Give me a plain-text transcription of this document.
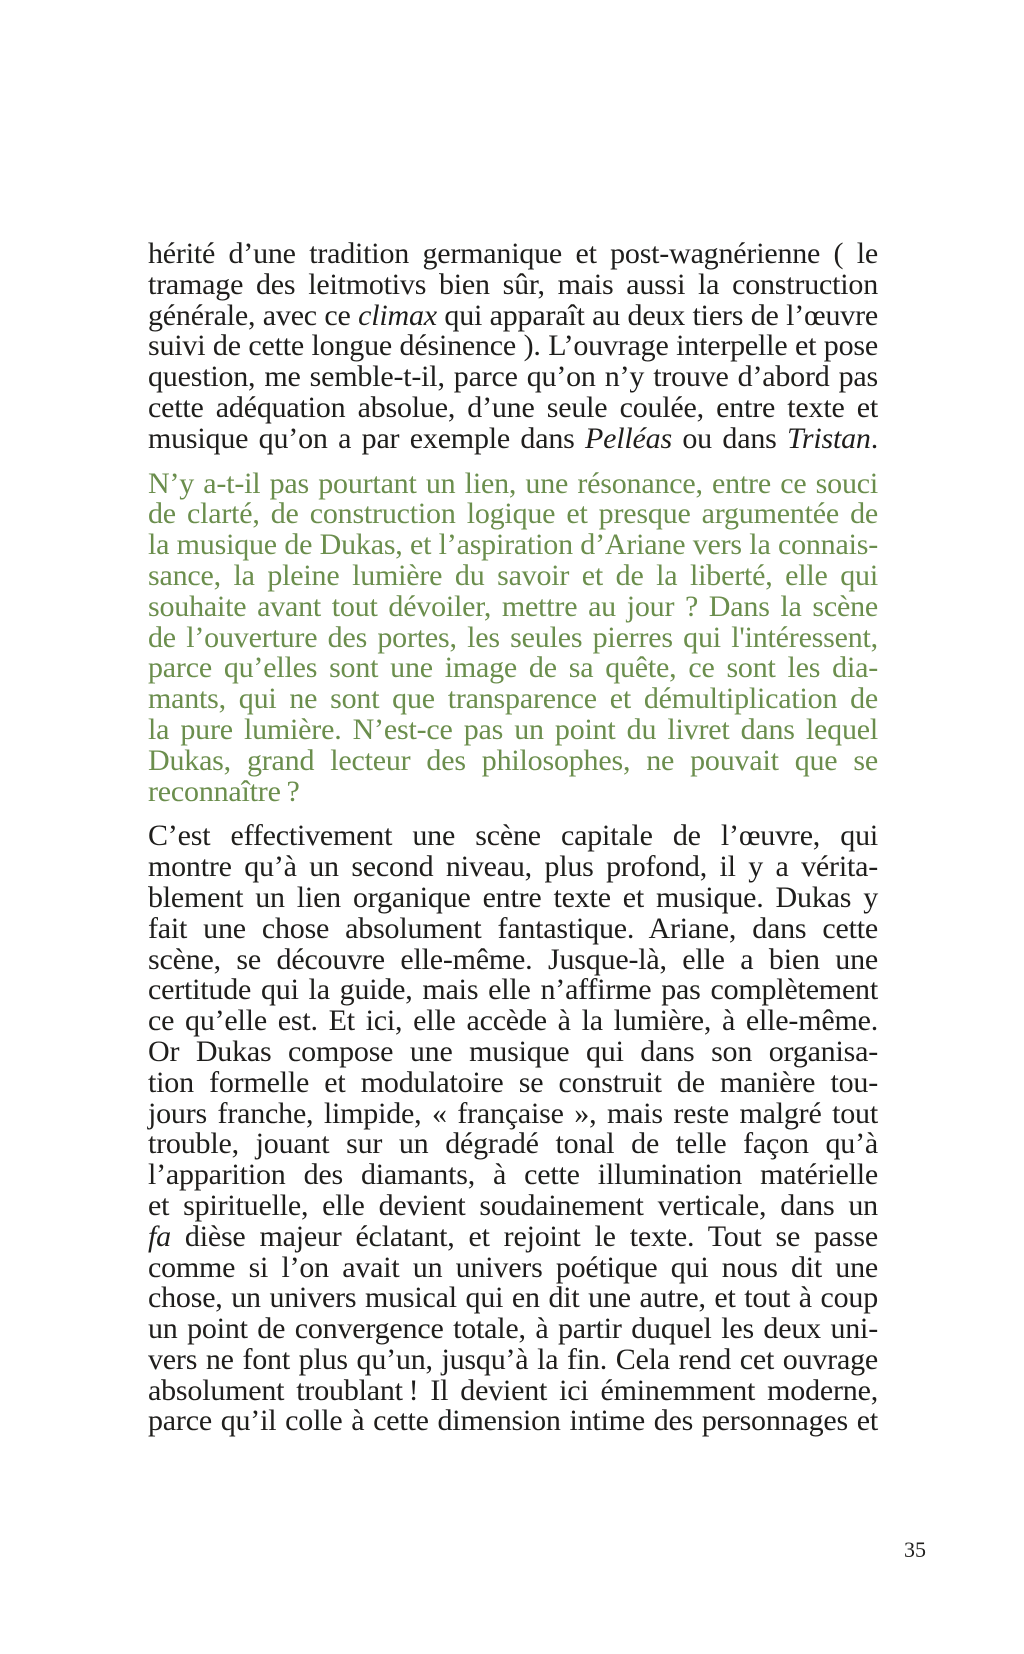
hérité d’une tradition germanique et post-wagnérienne ( le
tramage des leitmotivs bien sûr, mais aussi la construction
générale, avec ce climax qui apparaît au deux tiers de l’œuvre
suivi de cette longue désinence ). L’ouvrage interpelle et pose
question, me semble-t-il, parce qu’on n’y trouve d’abord pas
cette adéquation absolue, d’une seule coulée, entre texte et
musique qu’on a par exemple dans Pelléas ou dans Tristan.
N’y a-t-il pas pourtant un lien, une résonance, entre ce souci
de clarté, de construction logique et presque argumentée de
la musique de Dukas, et l’aspiration d’Ariane vers la connais-
sance, la pleine lumière du savoir et de la liberté, elle qui
souhaite avant tout dévoiler, mettre au jour ? Dans la scène
de l’ouverture des portes, les seules pierres qui l'intéressent,
parce qu’elles sont une image de sa quête, ce sont les dia-
mants, qui ne sont que transparence et démultiplication de
la pure lumière. N’est-ce pas un point du livret dans lequel
Dukas, grand lecteur des philosophes, ne pouvait que se
reconnaître ?
C’est effectivement une scène capitale de l’œuvre, qui
montre qu’à un second niveau, plus profond, il y a vérita-
blement un lien organique entre texte et musique. Dukas y
fait une chose absolument fantastique. Ariane, dans cette
scène, se découvre elle-même. Jusque-là, elle a bien une
certitude qui la guide, mais elle n’affirme pas complètement
ce qu’elle est. Et ici, elle accède à la lumière, à elle-même.
Or Dukas compose une musique qui dans son organisa-
tion formelle et modulatoire se construit de manière tou-
jours franche, limpide, « française », mais reste malgré tout
trouble, jouant sur un dégradé tonal de telle façon qu’à
l’apparition des diamants, à cette illumination matérielle
et spirituelle, elle devient soudainement verticale, dans un
fa dièse majeur éclatant, et rejoint le texte. Tout se passe
comme si l’on avait un univers poétique qui nous dit une
chose, un univers musical qui en dit une autre, et tout à coup
un point de convergence totale, à partir duquel les deux uni-
vers ne font plus qu’un, jusqu’à la fin. Cela rend cet ouvrage
absolument troublant ! Il devient ici éminemment moderne,
parce qu’il colle à cette dimension intime des personnages et
35
